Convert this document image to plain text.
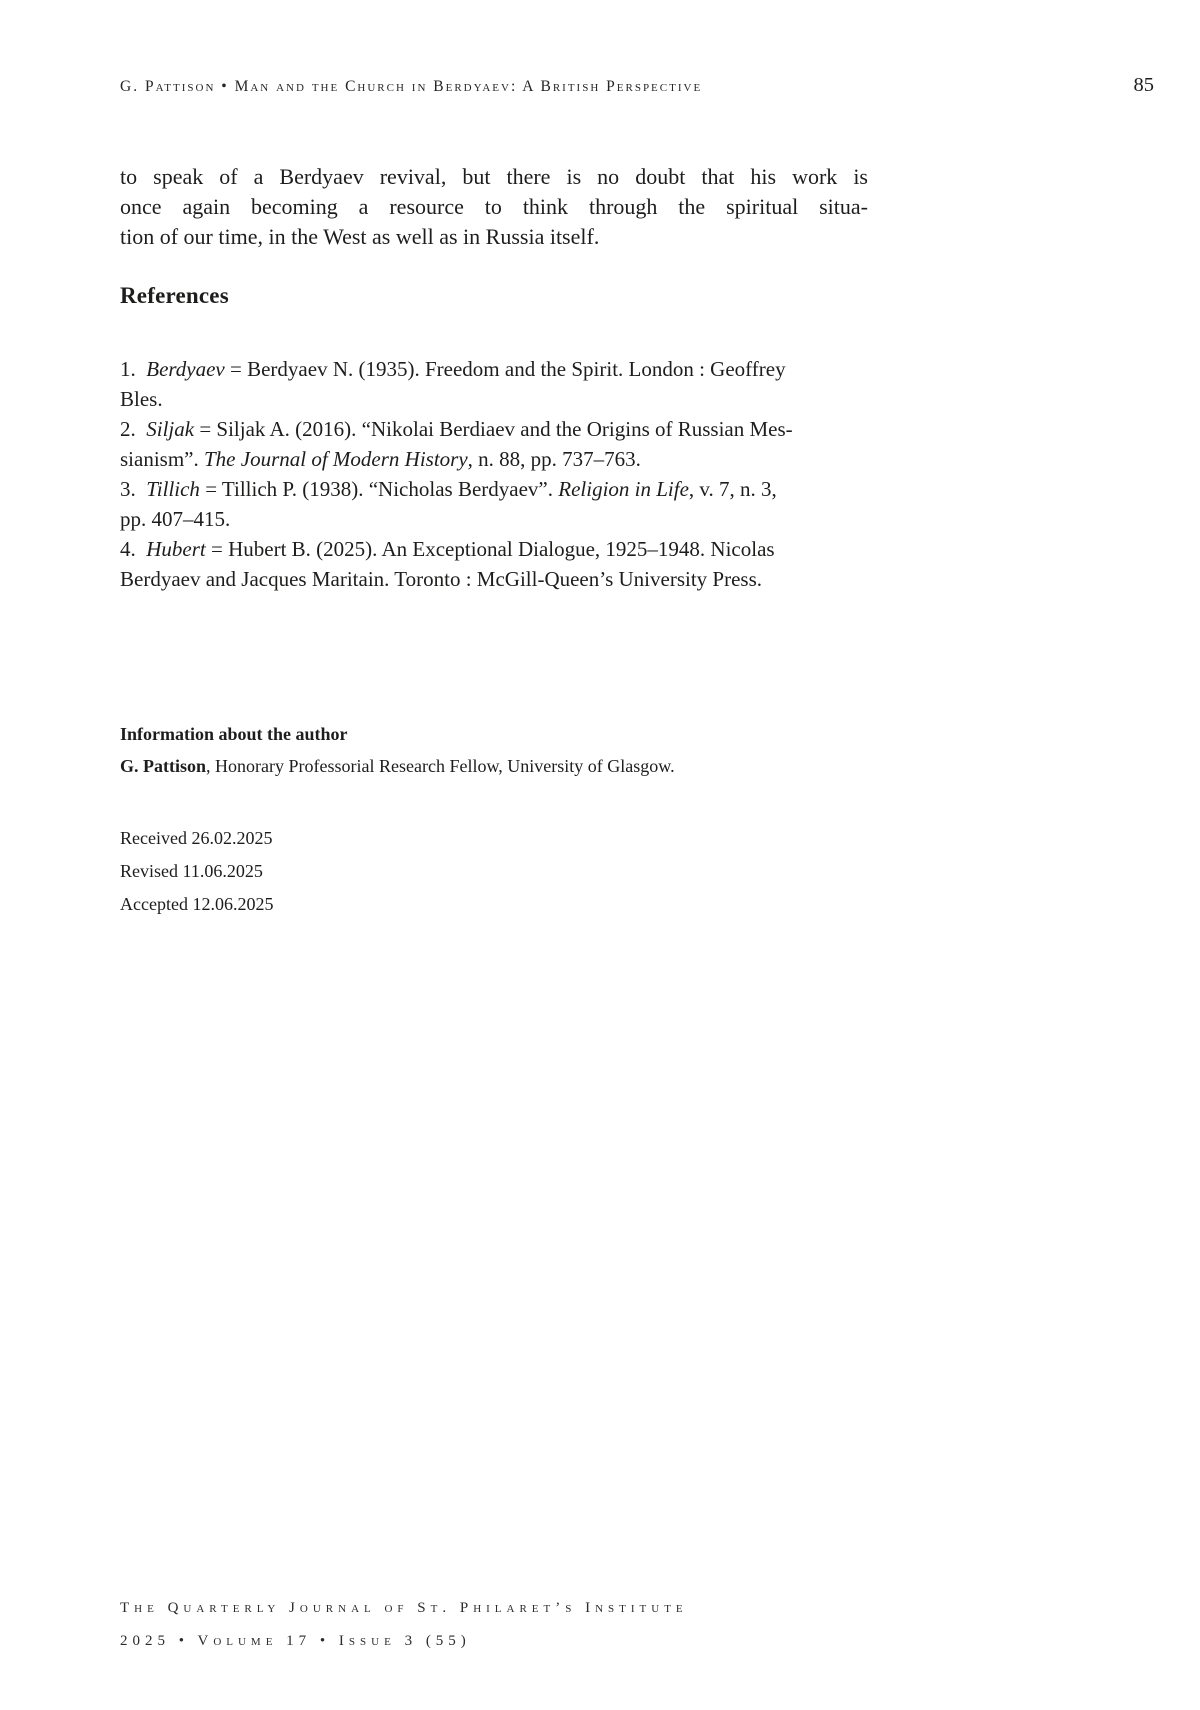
G. Pattison • Man and the Church in Berdyaev: A British Perspective	85
to speak of a Berdyaev revival, but there is no doubt that his work is
once again becoming a resource to think through the spiritual situa-
tion of our time, in the West as well as in Russia itself.
References
1. Berdyaev = Berdyaev N. (1935). Freedom and the Spirit. London : Geoffrey
Bles.
2. Siljak = Siljak A. (2016). “Nikolai Berdiaev and the Origins of Russian Mes-
sianism”. The Journal of Modern History, n. 88, pp. 737–763.
3. Tillich = Tillich P. (1938). “Nicholas Berdyaev”. Religion in Life, v. 7, n. 3,
pp. 407–415.
4. Hubert = Hubert B. (2025). An Exceptional Dialogue, 1925–1948. Nicolas
Berdyaev and Jacques Maritain. Toronto : McGill-Queen’s University Press.
Information about the author
G. Pattison, Honorary Professorial Research Fellow, University of Glasgow.
Received 26.02.2025
Revised 11.06.2025
Accepted 12.06.2025
The Quarterly Journal of St. Philaret’s Institute
2025 • Volume 17 • Issue 3 (55)
